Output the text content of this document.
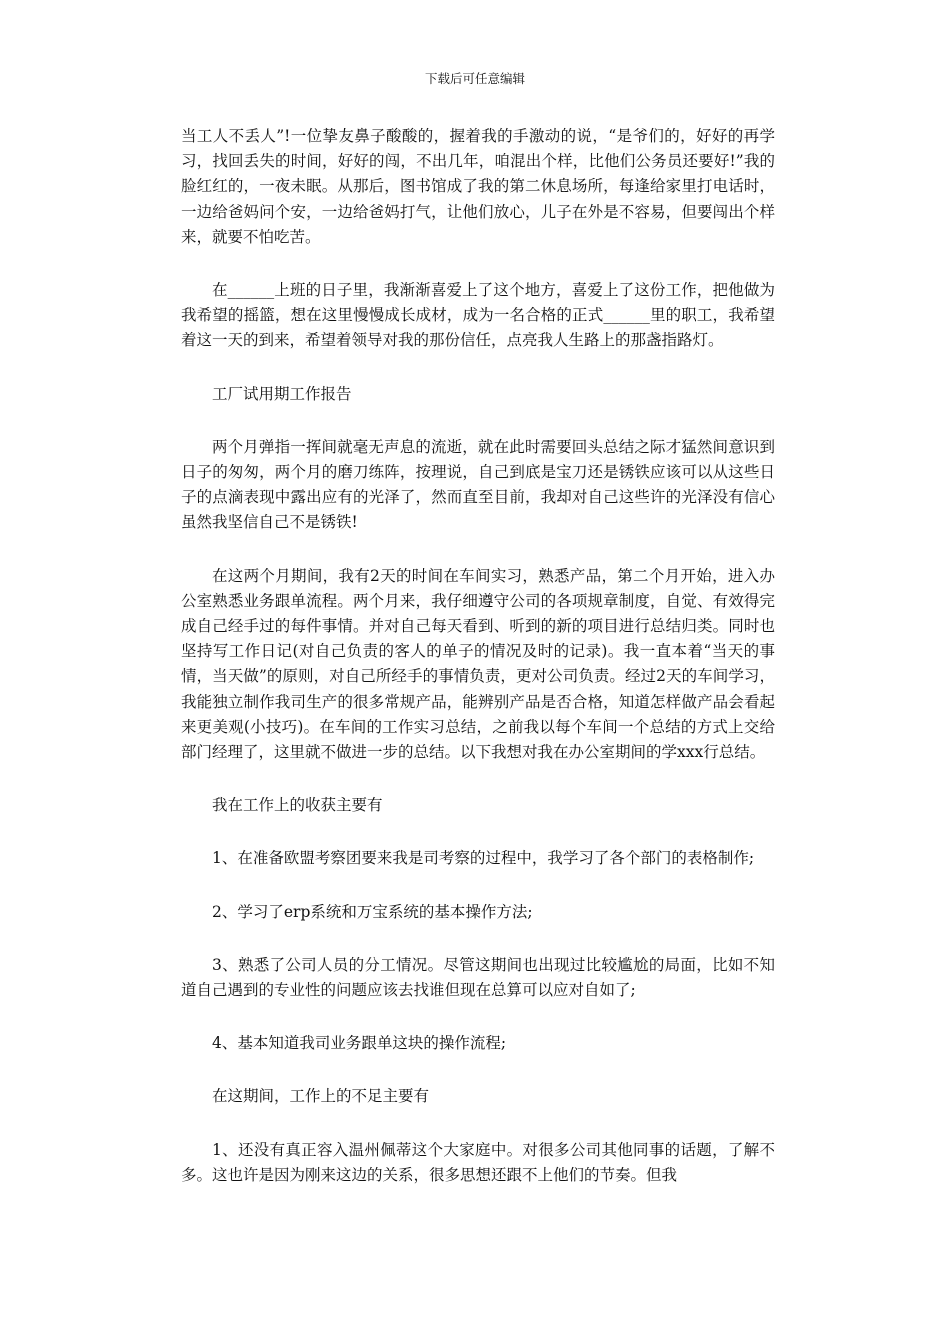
下载后可任意编辑

当工人不丢人”!一位挚友鼻子酸酸的，握着我的手激动的说，“是爷们的，好好的再学习，找回丢失的时间，好好的闯，不出几年，咱混出个样，比他们公务员还要好!”我的脸红红的，一夜未眠。从那后，图书馆成了我的第二休息场所，每逢给家里打电话时，一边给爸妈问个安，一边给爸妈打气，让他们放心，儿子在外是不容易，但要闯出个样来，就要不怕吃苦。

在______上班的日子里，我渐渐喜爱上了这个地方，喜爱上了这份工作，把他做为我希望的摇篮，想在这里慢慢成长成材，成为一名合格的正式______里的职工，我希望着这一天的到来，希望着领导对我的那份信任，点亮我人生路上的那盏指路灯。

工厂试用期工作报告

两个月弹指一挥间就毫无声息的流逝，就在此时需要回头总结之际才猛然间意识到日子的匆匆，两个月的磨刀练阵，按理说，自己到底是宝刀还是锈铁应该可以从这些日子的点滴表现中露出应有的光泽了，然而直至目前，我却对自己这些许的光泽没有信心虽然我坚信自己不是锈铁!

在这两个月期间，我有2天的时间在车间实习，熟悉产品，第二个月开始，进入办公室熟悉业务跟单流程。两个月来，我仔细遵守公司的各项规章制度，自觉、有效得完成自己经手过的每件事情。并对自己每天看到、听到的新的项目进行总结归类。同时也坚持写工作日记(对自己负责的客人的单子的情况及时的记录)。我一直本着“当天的事情，当天做”的原则，对自己所经手的事情负责，更对公司负责。经过2天的车间学习，我能独立制作我司生产的很多常规产品，能辨别产品是否合格，知道怎样做产品会看起来更美观(小技巧)。在车间的工作实习总结，之前我以每个车间一个总结的方式上交给部门经理了，这里就不做进一步的总结。以下我想对我在办公室期间的学xxx行总结。

我在工作上的收获主要有

1、在准备欧盟考察团要来我是司考察的过程中，我学习了各个部门的表格制作;

2、学习了erp系统和万宝系统的基本操作方法;

3、熟悉了公司人员的分工情况。尽管这期间也出现过比较尴尬的局面，比如不知道自己遇到的专业性的问题应该去找谁但现在总算可以应对自如了;

4、基本知道我司业务跟单这块的操作流程;

在这期间，工作上的不足主要有

1、还没有真正容入温州佩蒂这个大家庭中。对很多公司其他同事的话题，了解不多。这也许是因为刚来这边的关系，很多思想还跟不上他们的节奏。但我
